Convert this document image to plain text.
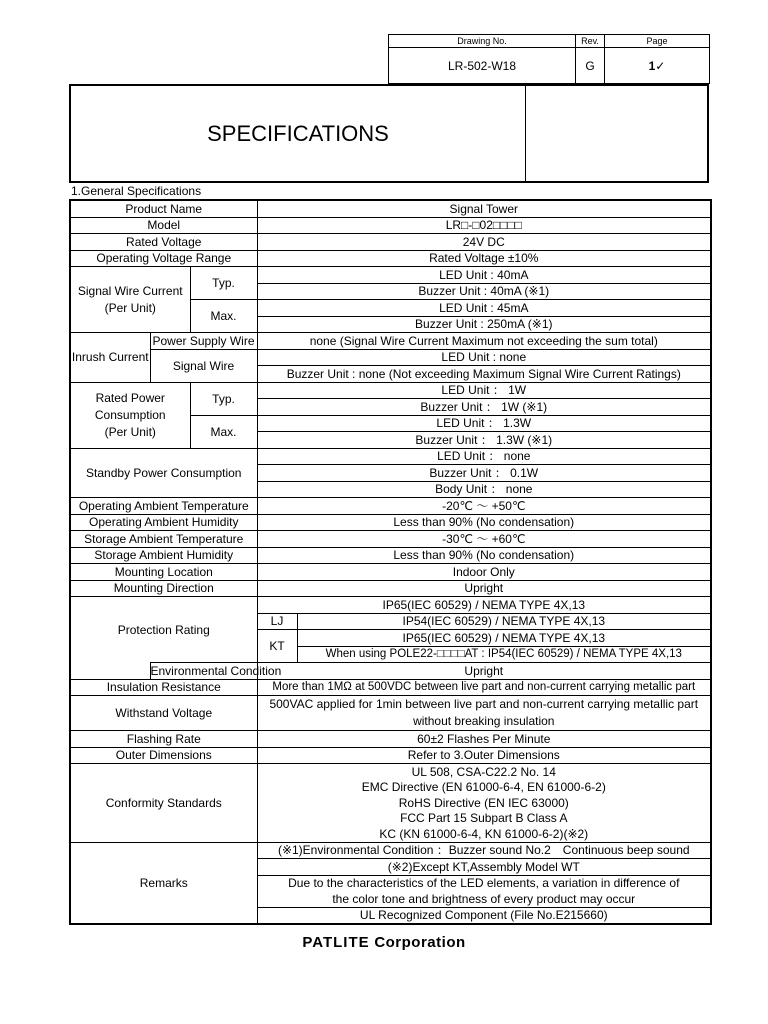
Drawing No.	Rev.	Page
LR-502-W18	G	1✓
SPECIFICATIONS
1.General Specifications
Product Name			Signal Tower	
Model			LR□-□02□□□□	
Rated Voltage			24V DC	
Operating Voltage Range			Rated Voltage ±10%	
Signal Wire Current
(Per Unit)		Typ.	LED Unit : 40mA	
			Buzzer Unit : 40mA (※1)	
		Max.	LED Unit : 45mA	
			Buzzer Unit : 250mA (※1)	
Inrush Current	Power Supply Wire		none (Signal Wire Current Maximum not exceeding the sum total)	
	Signal Wire		LED Unit : none	
			Buzzer Unit : none (Not exceeding Maximum Signal Wire Current Ratings)	
Rated Power
Consumption
(Per Unit)		Typ.	LED Unit ： 1W	
			Buzzer Unit ： 1W (※1)	
		Max.	LED Unit ： 1.3W	
			Buzzer Unit ： 1.3W (※1)	
Standby Power Consumption			LED Unit ： none	
			Buzzer Unit ： 0.1W	
			Body Unit ： none	
Operating Ambient Temperature			-20℃ ～ +50℃	
Operating Ambient Humidity			Less than 90% (No condensation)	
Storage Ambient Temperature			-30℃ ～ +60℃	
Storage Ambient Humidity			Less than 90% (No condensation)	
Mounting Location			Indoor Only	
Mounting Direction			Upright	
Protection Rating			IP65(IEC 60529) / NEMA TYPE 4X,13	
			LJ	IP54(IEC 60529) / NEMA TYPE 4X,13
			KT	IP65(IEC 60529) / NEMA TYPE 4X,13
				When using POLE22-□□□□AT : IP54(IEC 60529) / NEMA TYPE 4X,13
	Environmental Condition		Upright	
Insulation Resistance			More than 1MΩ at 500VDC between live part and non-current carrying metallic part	
Withstand Voltage			500VAC applied for 1min between live part and non-current carrying metallic part
without breaking insulation	

Flashing Rate			60±2 Flashes Per Minute	
Outer Dimensions			Refer to 3.Outer Dimensions	
Conformity Standards			UL 508, CSA-C22.2 No. 14	
			EMC Directive (EN 61000-6-4, EN 61000-6-2)	
			RoHS Directive (EN IEC 63000)	
			FCC Part 15 Subpart B Class A	
			KC (KN 61000-6-4, KN 61000-6-2)(※2)	
Remarks			(※1)Environmental Condition ：Buzzer sound No.2　Continuous beep sound	
			(※2)Except KT,Assembly Model WT	
			Due to the characteristics of the LED elements, a variation in difference of	
			the color tone and brightness of every product may occur	
			UL Recognized Component (File No.E215660)	
PATLITE Corporation
